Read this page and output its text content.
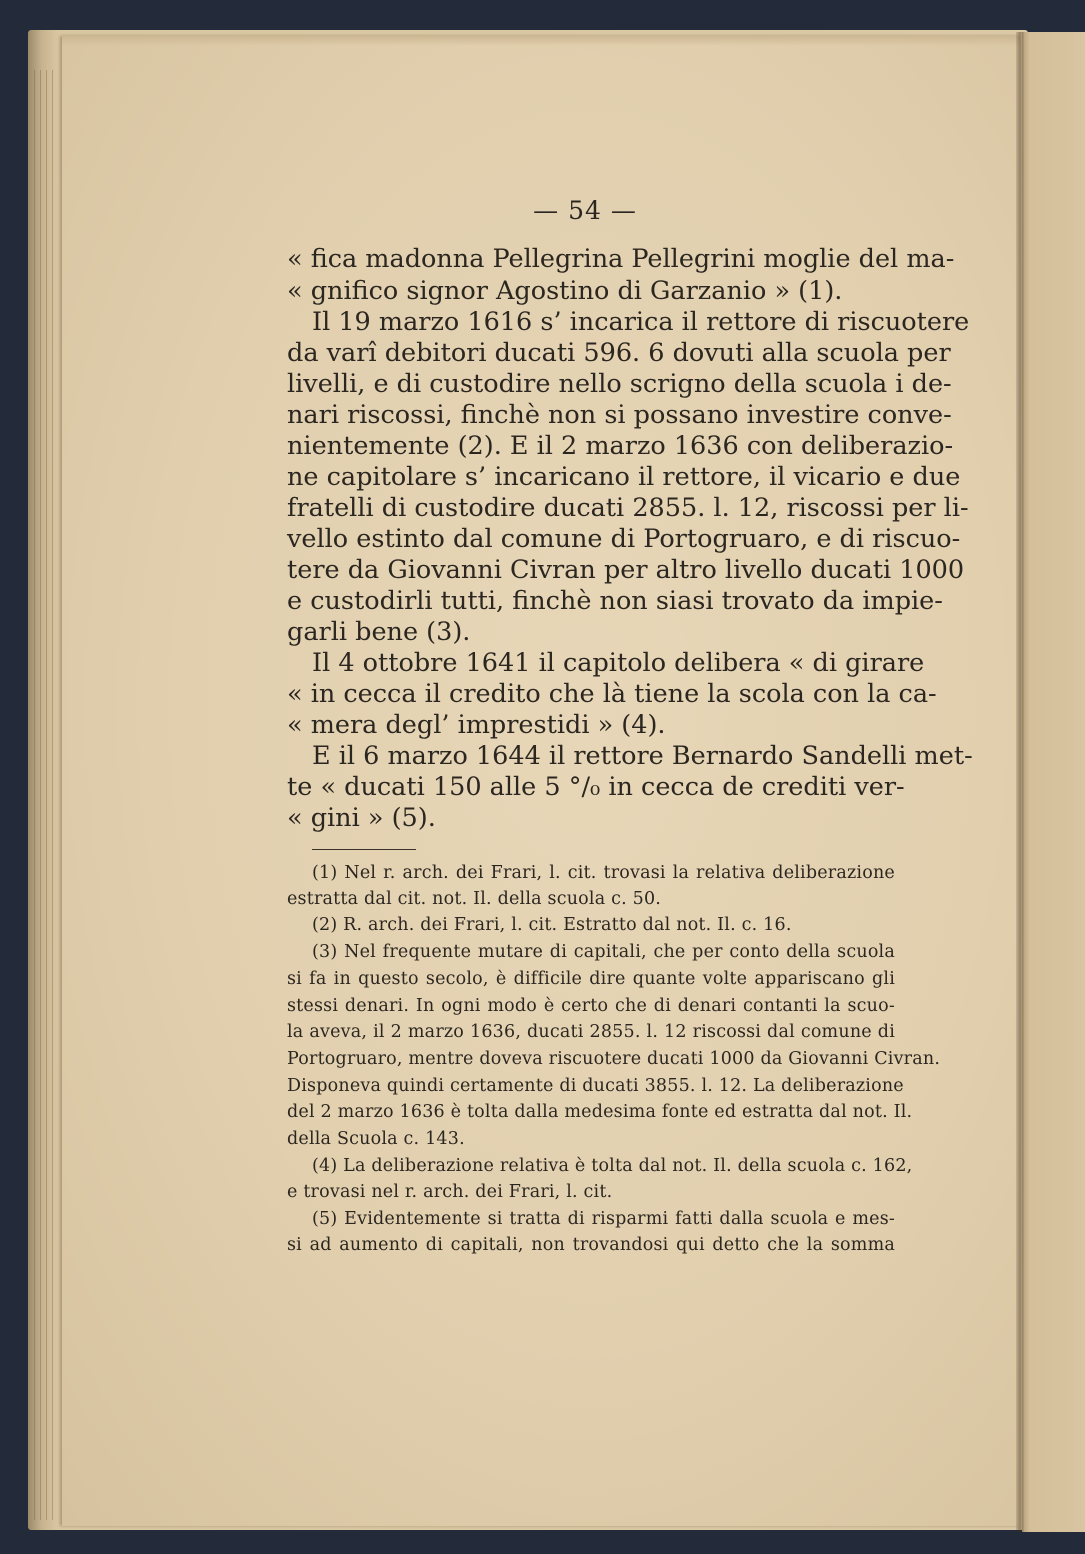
— 54 —
« fica madonna Pellegrina Pellegrini moglie del ma-
« gnifico signor Agostino di Garzanio » (1).
Il 19 marzo 1616 s’ incarica il rettore di riscuotere
da varî debitori ducati 596. 6 dovuti alla scuola per
livelli, e di custodire nello scrigno della scuola i de-
nari riscossi, finchè non si possano investire conve-
nientemente (2). E il 2 marzo 1636 con deliberazio-
ne capitolare s’ incaricano il rettore, il vicario e due
fratelli di custodire ducati 2855. l. 12, riscossi per li-
vello estinto dal comune di Portogruaro, e di riscuo-
tere da Giovanni Civran per altro livello ducati 1000
e custodirli tutti, finchè non siasi trovato da impie-
garli bene (3).
Il 4 ottobre 1641 il capitolo delibera « di girare
« in cecca il credito che là tiene la scola con la ca-
« mera degl’ imprestidi » (4).
E il 6 marzo 1644 il rettore Bernardo Sandelli met-
te « ducati 150 alle 5 °/₀ in cecca de crediti ver-
« gini » (5).
(1) Nel r. arch. dei Frari, l. cit. trovasi la relativa deliberazione
estratta dal cit. not. Il. della scuola c. 50.
(2) R. arch. dei Frari, l. cit. Estratto dal not. Il. c. 16.
(3) Nel frequente mutare di capitali, che per conto della scuola
si fa in questo secolo, è difficile dire quante volte appariscano gli
stessi denari. In ogni modo è certo che di denari contanti la scuo-
la aveva, il 2 marzo 1636, ducati 2855. l. 12 riscossi dal comune di
Portogruaro, mentre doveva riscuotere ducati 1000 da Giovanni Civran.
Disponeva quindi certamente di ducati 3855. l. 12. La deliberazione
del 2 marzo 1636 è tolta dalla medesima fonte ed estratta dal not. Il.
della Scuola c. 143.
(4) La deliberazione relativa è tolta dal not. Il. della scuola c. 162,
e trovasi nel r. arch. dei Frari, l. cit.
(5) Evidentemente si tratta di risparmi fatti dalla scuola e mes-
si ad aumento di capitali, non trovandosi qui detto che la somma
